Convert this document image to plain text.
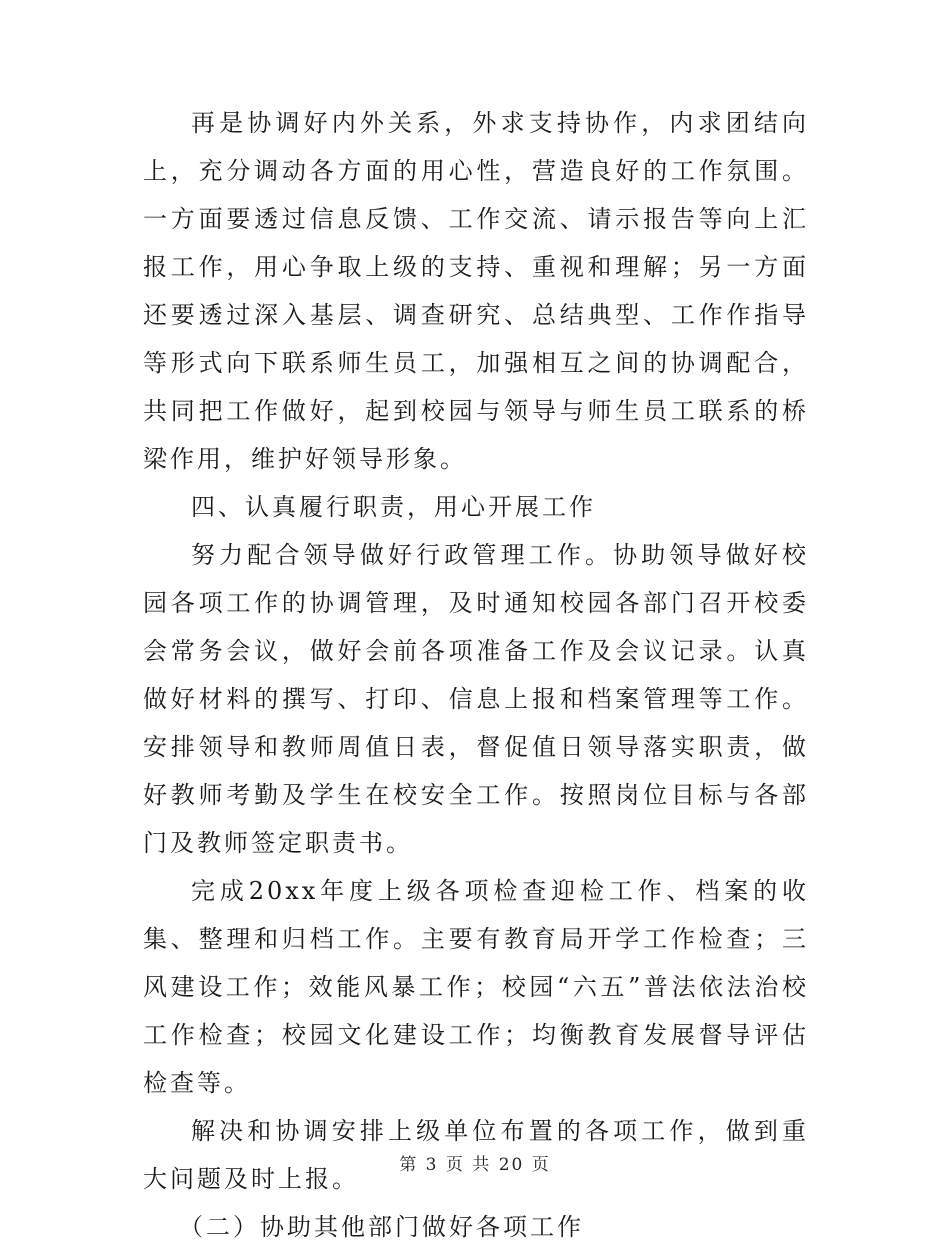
再是协调好内外关系，外求支持协作，内求团结向上，充分调动各方面的用心性，营造良好的工作氛围。一方面要透过信息反馈、工作交流、请示报告等向上汇报工作，用心争取上级的支持、重视和理解；另一方面还要透过深入基层、调查研究、总结典型、工作作指导等形式向下联系师生员工，加强相互之间的协调配合，共同把工作做好，起到校园与领导与师生员工联系的桥梁作用，维护好领导形象。

四、认真履行职责，用心开展工作

努力配合领导做好行政管理工作。协助领导做好校园各项工作的协调管理，及时通知校园各部门召开校委会常务会议，做好会前各项准备工作及会议记录。认真做好材料的撰写、打印、信息上报和档案管理等工作。安排领导和教师周值日表，督促值日领导落实职责，做好教师考勤及学生在校安全工作。按照岗位目标与各部门及教师签定职责书。

完成20xx年度上级各项检查迎检工作、档案的收集、整理和归档工作。主要有教育局开学工作检查；三风建设工作；效能风暴工作；校园“六五”普法依法治校工作检查；校园文化建设工作；均衡教育发展督导评估检查等。

解决和协调安排上级单位布置的各项工作，做到重大问题及时上报。

（二）协助其他部门做好各项工作

第 3 页 共 20 页
